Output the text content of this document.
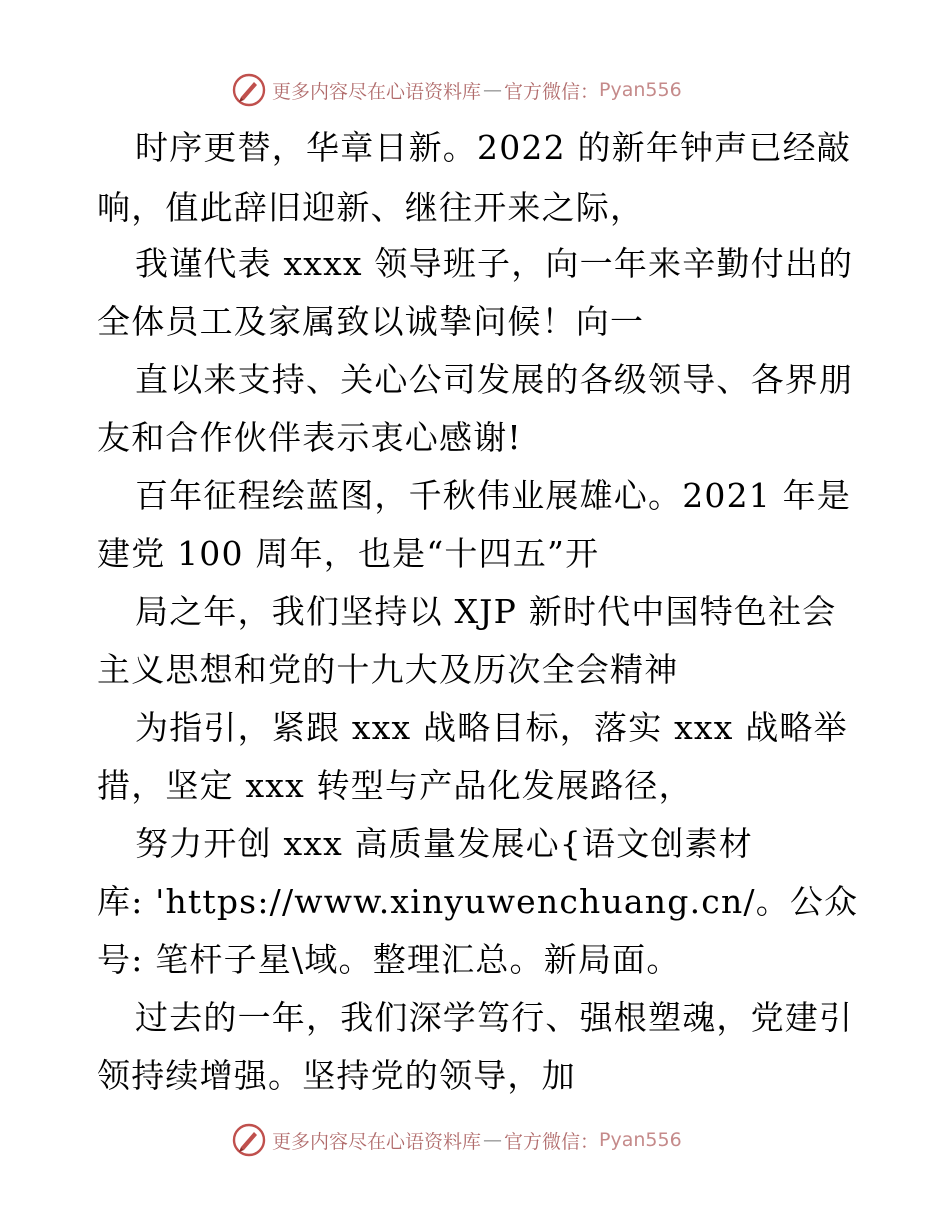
更多内容尽在心语资料库 — 官方微信： Pyan556
时序更替，华章日新。2022 的新年钟声已经敲
响，值此辞旧迎新、继往开来之际，
我谨代表 xxxx 领导班子，向一年来辛勤付出的
全体员工及家属致以诚挚问候！向一
直以来支持、关心公司发展的各级领导、各界朋
友和合作伙伴表示衷心感谢!
百年征程绘蓝图，千秋伟业展雄心。2021 年是
建党 100 周年，也是“十四五”开
局之年，我们坚持以 XJP 新时代中国特色社会
主义思想和党的十九大及历次全会精神
为指引，紧跟 xxx 战略目标，落实 xxx 战略举
措，坚定 xxx 转型与产品化发展路径，
努力开创 xxx 高质量发展心{语文创素材
库: 'https://www.xinyuwenchuang.cn/。公众
号: 笔杆子星\域。整理汇总。新局面。
过去的一年，我们深学笃行、强根塑魂，党建引
领持续增强。坚持党的领导，加
更多内容尽在心语资料库 — 官方微信： Pyan556
